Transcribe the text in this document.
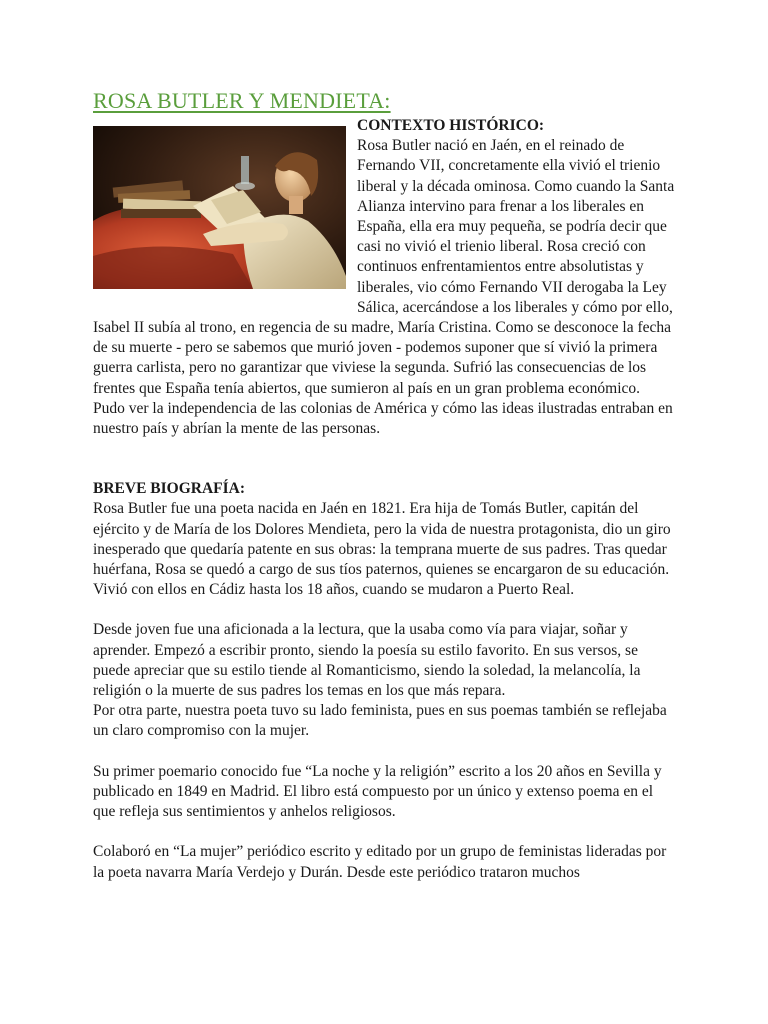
ROSA BUTLER Y MENDIETA:
CONTEXTO HISTÓRICO:

Rosa Butler nació en Jaén, en el reinado de Fernando VII, concretamente ella vivió el trienio liberal y la década ominosa. Como cuando la Santa Alianza intervino para frenar a los liberales en España, ella era muy pequeña, se podría decir que casi no vivió el trienio liberal. Rosa creció con continuos enfrentamientos entre absolutistas y liberales, vio cómo Fernando VII derogaba la Ley Sálica, acercándose a los liberales y cómo por ello, Isabel II subía al trono, en regencia de su madre, María Cristina. Como se desconoce la fecha de su muerte - pero se sabemos que murió joven - podemos suponer que sí vivió la primera guerra carlista, pero no garantizar que viviese la segunda. Sufrió las consecuencias de los frentes que España tenía abiertos, que sumieron al país en un gran problema económico. Pudo ver la independencia de las colonias de América y cómo las ideas ilustradas entraban en nuestro país y abrían la mente de las personas.

BREVE BIOGRAFÍA:

Rosa Butler fue una poeta nacida en Jaén en 1821. Era hija de Tomás Butler, capitán del ejército y de María de los Dolores Mendieta, pero la vida de nuestra protagonista, dio un giro inesperado que quedaría patente en sus obras: la temprana muerte de sus padres. Tras quedar huérfana, Rosa se quedó a cargo de sus tíos paternos, quienes se encargaron de su educación. Vivió con ellos en Cádiz hasta los 18 años, cuando se mudaron a Puerto Real.

Desde joven fue una aficionada a la lectura, que la usaba como vía para viajar, soñar y aprender. Empezó a escribir pronto, siendo la poesía su estilo favorito. En sus versos, se puede apreciar que su estilo tiende al Romanticismo, siendo la soledad, la melancolía, la religión o la muerte de sus padres los temas en los que más repara.

Por otra parte, nuestra poeta tuvo su lado feminista, pues en sus poemas también se reflejaba un claro compromiso con la mujer.

Su primer poemario conocido fue “La noche y la religión” escrito a los 20 años en Sevilla y publicado en 1849 en Madrid. El libro está compuesto por un único y extenso poema en el que refleja sus sentimientos y anhelos religiosos.

Colaboró en “La mujer” periódico escrito y editado por un grupo de feministas lideradas por la poeta navarra María Verdejo y Durán. Desde este periódico trataron muchos
